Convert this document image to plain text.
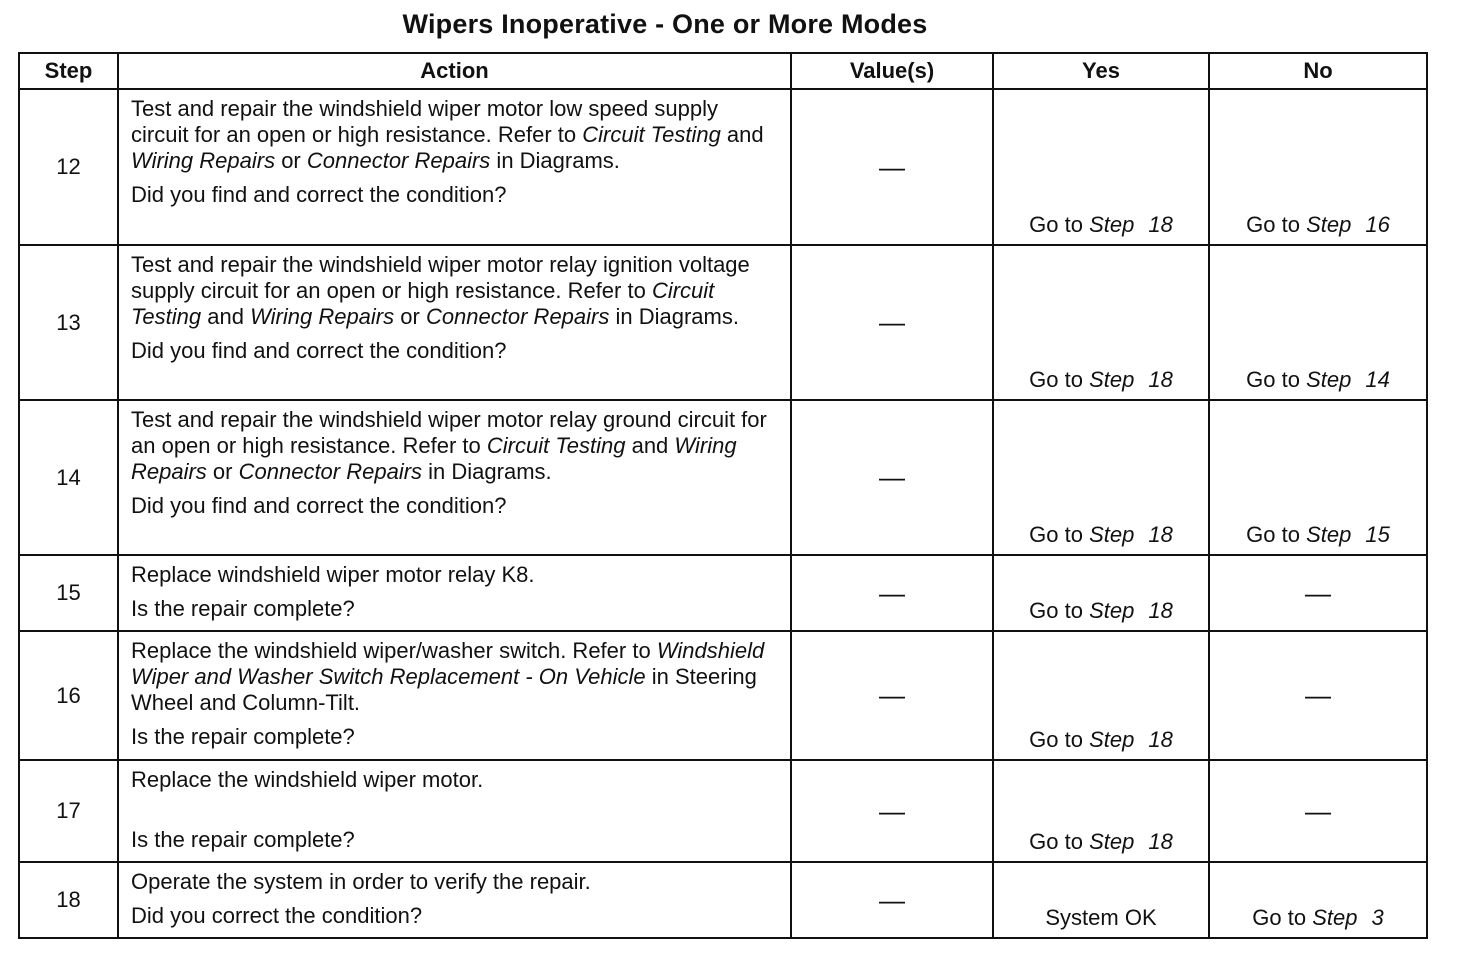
Wipers Inoperative - One or More Modes
Step	Action	Value(s)	Yes	No
12	Test and repair the windshield wiper motor low speed supply circuit for an open or high resistance. Refer to Circuit Testing and Wiring Repairs or Connector Repairs in Diagrams.
Did you find and correct the condition?	—	Go to Step 18	Go to Step 16
13	Test and repair the windshield wiper motor relay ignition voltage supply circuit for an open or high resistance. Refer to Circuit Testing and Wiring Repairs or Connector Repairs in Diagrams.
Did you find and correct the condition?	—	Go to Step 18	Go to Step 14
14	Test and repair the windshield wiper motor relay ground circuit for an open or high resistance. Refer to Circuit Testing and Wiring Repairs or Connector Repairs in Diagrams.
Did you find and correct the condition?	—	Go to Step 18	Go to Step 15
15	Replace windshield wiper motor relay K8.
Is the repair complete?	—	Go to Step 18	—
16	Replace the windshield wiper/washer switch. Refer to Windshield Wiper and Washer Switch Replacement - On Vehicle in Steering Wheel and Column-Tilt.
Is the repair complete?	—	Go to Step 18	—
17	Replace the windshield wiper motor.
Is the repair complete?	—	Go to Step 18	—
18	Operate the system in order to verify the repair.
Did you correct the condition?	—	System OK	Go to Step 3
